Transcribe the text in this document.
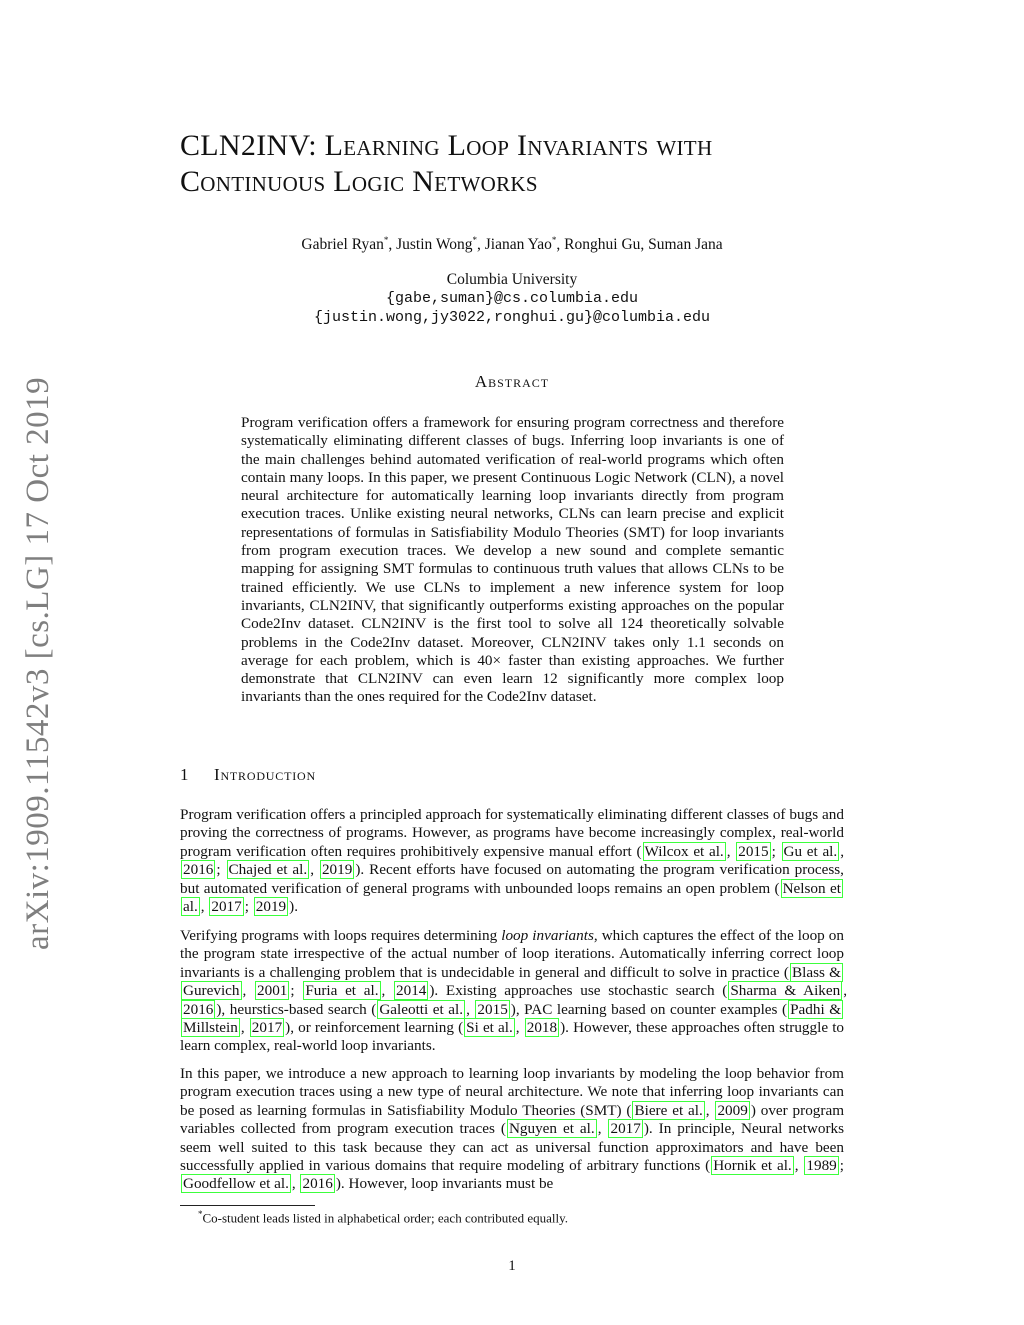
arXiv:1909.11542v3 [cs.LG] 17 Oct 2019
CLN2INV: Learning Loop Invariants with
Continuous Logic Networks
Gabriel Ryan*, Justin Wong*, Jianan Yao*, Ronghui Gu, Suman Jana
Columbia University
{gabe,suman}@cs.columbia.edu
{justin.wong,jy3022,ronghui.gu}@columbia.edu
Abstract
Program verification offers a framework for ensuring program correctness and therefore systematically eliminating different classes of bugs. Inferring loop invariants is one of the main challenges behind automated verification of real-world programs which often contain many loops. In this paper, we present Continuous Logic Network (CLN), a novel neural architecture for automatically learning loop invariants directly from program execution traces. Unlike existing neural networks, CLNs can learn precise and explicit representations of formulas in Satisfiability Modulo Theories (SMT) for loop invariants from program execution traces. We develop a new sound and complete semantic mapping for assigning SMT formulas to continuous truth values that allows CLNs to be trained efficiently. We use CLNs to implement a new inference system for loop invariants, CLN2INV, that significantly outperforms existing approaches on the popular Code2Inv dataset. CLN2INV is the first tool to solve all 124 theoretically solvable problems in the Code2Inv dataset. Moreover, CLN2INV takes only 1.1 seconds on average for each problem, which is 40× faster than existing approaches. We further demonstrate that CLN2INV can even learn 12 significantly more complex loop invariants than the ones required for the Code2Inv dataset.
1 Introduction
Program verification offers a principled approach for systematically eliminating different classes of bugs and proving the correctness of programs. However, as programs have become increasingly complex, real-world program verification often requires prohibitively expensive manual effort ( Wilcox et al. , 2015 ; Gu et al. , 2016 ; Chajed et al. , 2019 ). Recent efforts have focused on automating the program verification process, but automated verification of general programs with unbounded loops remains an open problem ( Nelson et al. , 2017 ; 2019 ).
Verifying programs with loops requires determining loop invariants, which captures the effect of the loop on the program state irrespective of the actual number of loop iterations. Automatically inferring correct loop invariants is a challenging problem that is undecidable in general and difficult to solve in practice ( Blass & Gurevich , 2001 ; Furia et al. , 2014 ). Existing approaches use stochastic search ( Sharma & Aiken , 2016 ), heurstics-based search ( Galeotti et al. , 2015 ), PAC learning based on counter examples ( Padhi & Millstein , 2017 ), or reinforcement learning ( Si et al. , 2018 ). However, these approaches often struggle to learn complex, real-world loop invariants.
In this paper, we introduce a new approach to learning loop invariants by modeling the loop behavior from program execution traces using a new type of neural architecture. We note that inferring loop invariants can be posed as learning formulas in Satisfiability Modulo Theories (SMT) ( Biere et al. , 2009 ) over program variables collected from program execution traces ( Nguyen et al. , 2017 ). In principle, Neural networks seem well suited to this task because they can act as universal function approximators and have been successfully applied in various domains that require modeling of arbitrary functions ( Hornik et al. , 1989 ; Goodfellow et al. , 2016 ). However, loop invariants must be
*Co-student leads listed in alphabetical order; each contributed equally.
1
